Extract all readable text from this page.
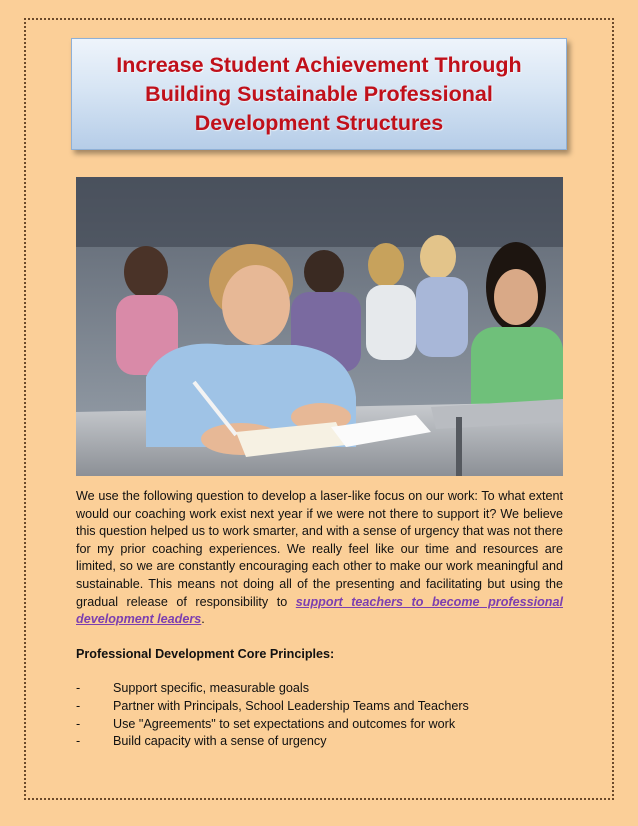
Increase Student Achievement Through Building Sustainable Professional Development Structures

We use the following question to develop a laser-like focus on our work: To what extent would our coaching work exist next year if we were not there to support it? We believe this question helped us to work smarter, and with a sense of urgency that was not there for my prior coaching experiences. We really feel like our time and resources are limited, so we are constantly encouraging each other to make our work meaningful and sustainable. This means not doing all of the presenting and facilitating but using the gradual release of responsibility to support teachers to become professional development leaders.

Professional Development Core Principles:

-	Support specific, measurable goals
-	Partner with Principals, School Leadership Teams and Teachers
-	Use "Agreements" to set expectations and outcomes for work
-	Build capacity with a sense of urgency
